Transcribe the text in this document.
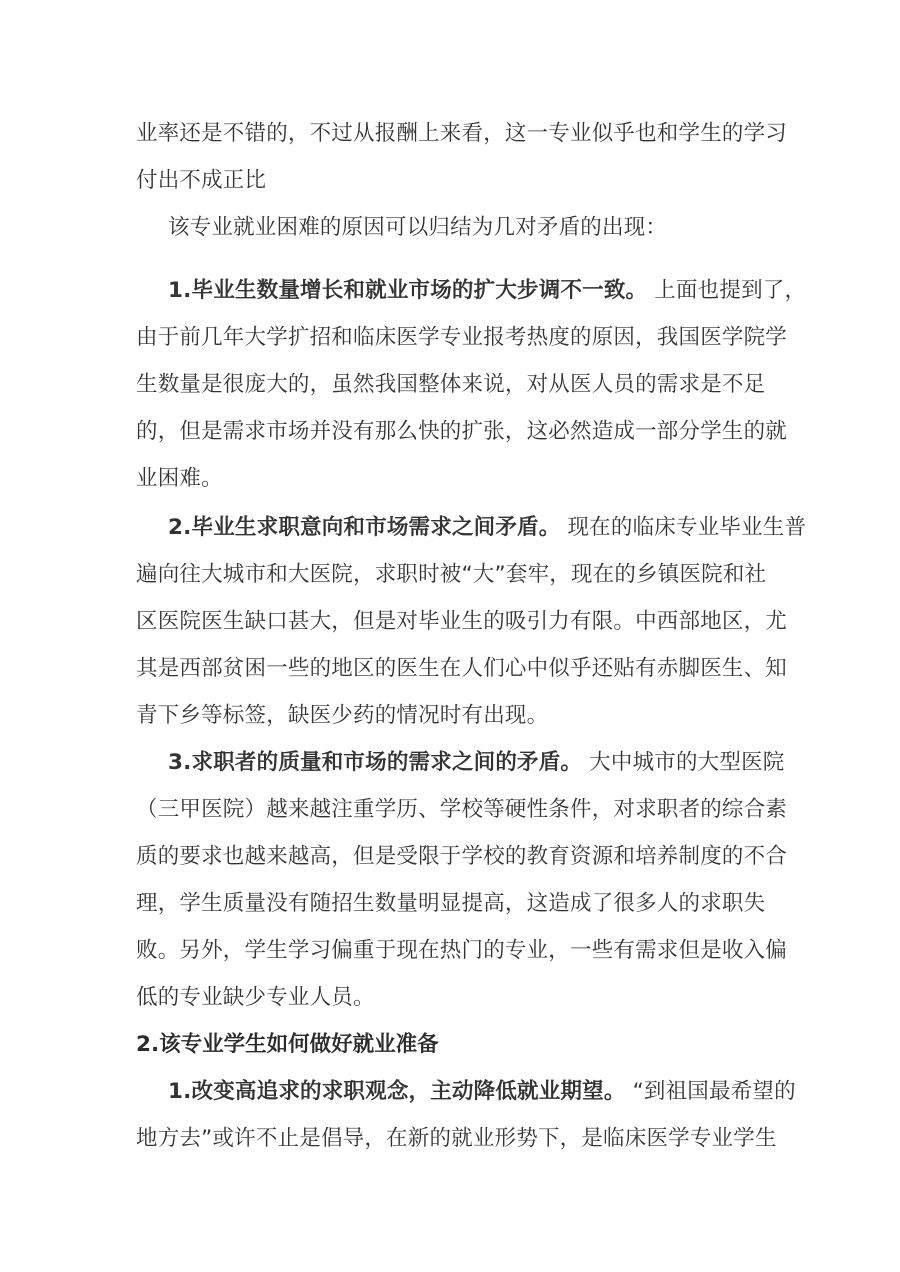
业率还是不错的，不过从报酬上来看，这一专业似乎也和学生的学习
付出不成正比
该专业就业困难的原因可以归结为几对矛盾的出现：
1.毕业生数量增长和就业市场的扩大步调不一致。 上面也提到了，
由于前几年大学扩招和临床医学专业报考热度的原因，我国医学院学
生数量是很庞大的，虽然我国整体来说，对从医人员的需求是不足
的，但是需求市场并没有那么快的扩张，这必然造成一部分学生的就
业困难。
2.毕业生求职意向和市场需求之间矛盾。 现在的临床专业毕业生普
遍向往大城市和大医院，求职时被“大”套牢，现在的乡镇医院和社
区医院医生缺口甚大，但是对毕业生的吸引力有限。中西部地区，尤
其是西部贫困一些的地区的医生在人们心中似乎还贴有赤脚医生、知
青下乡等标签，缺医少药的情况时有出现。
3.求职者的质量和市场的需求之间的矛盾。 大中城市的大型医院
（三甲医院）越来越注重学历、学校等硬性条件，对求职者的综合素
质的要求也越来越高，但是受限于学校的教育资源和培养制度的不合
理，学生质量没有随招生数量明显提高，这造成了很多人的求职失
败。另外，学生学习偏重于现在热门的专业，一些有需求但是收入偏
低的专业缺少专业人员。
2.该专业学生如何做好就业准备
1.改变高追求的求职观念，主动降低就业期望。 “到祖国最希望的
地方去”或许不止是倡导，在新的就业形势下，是临床医学专业学生
